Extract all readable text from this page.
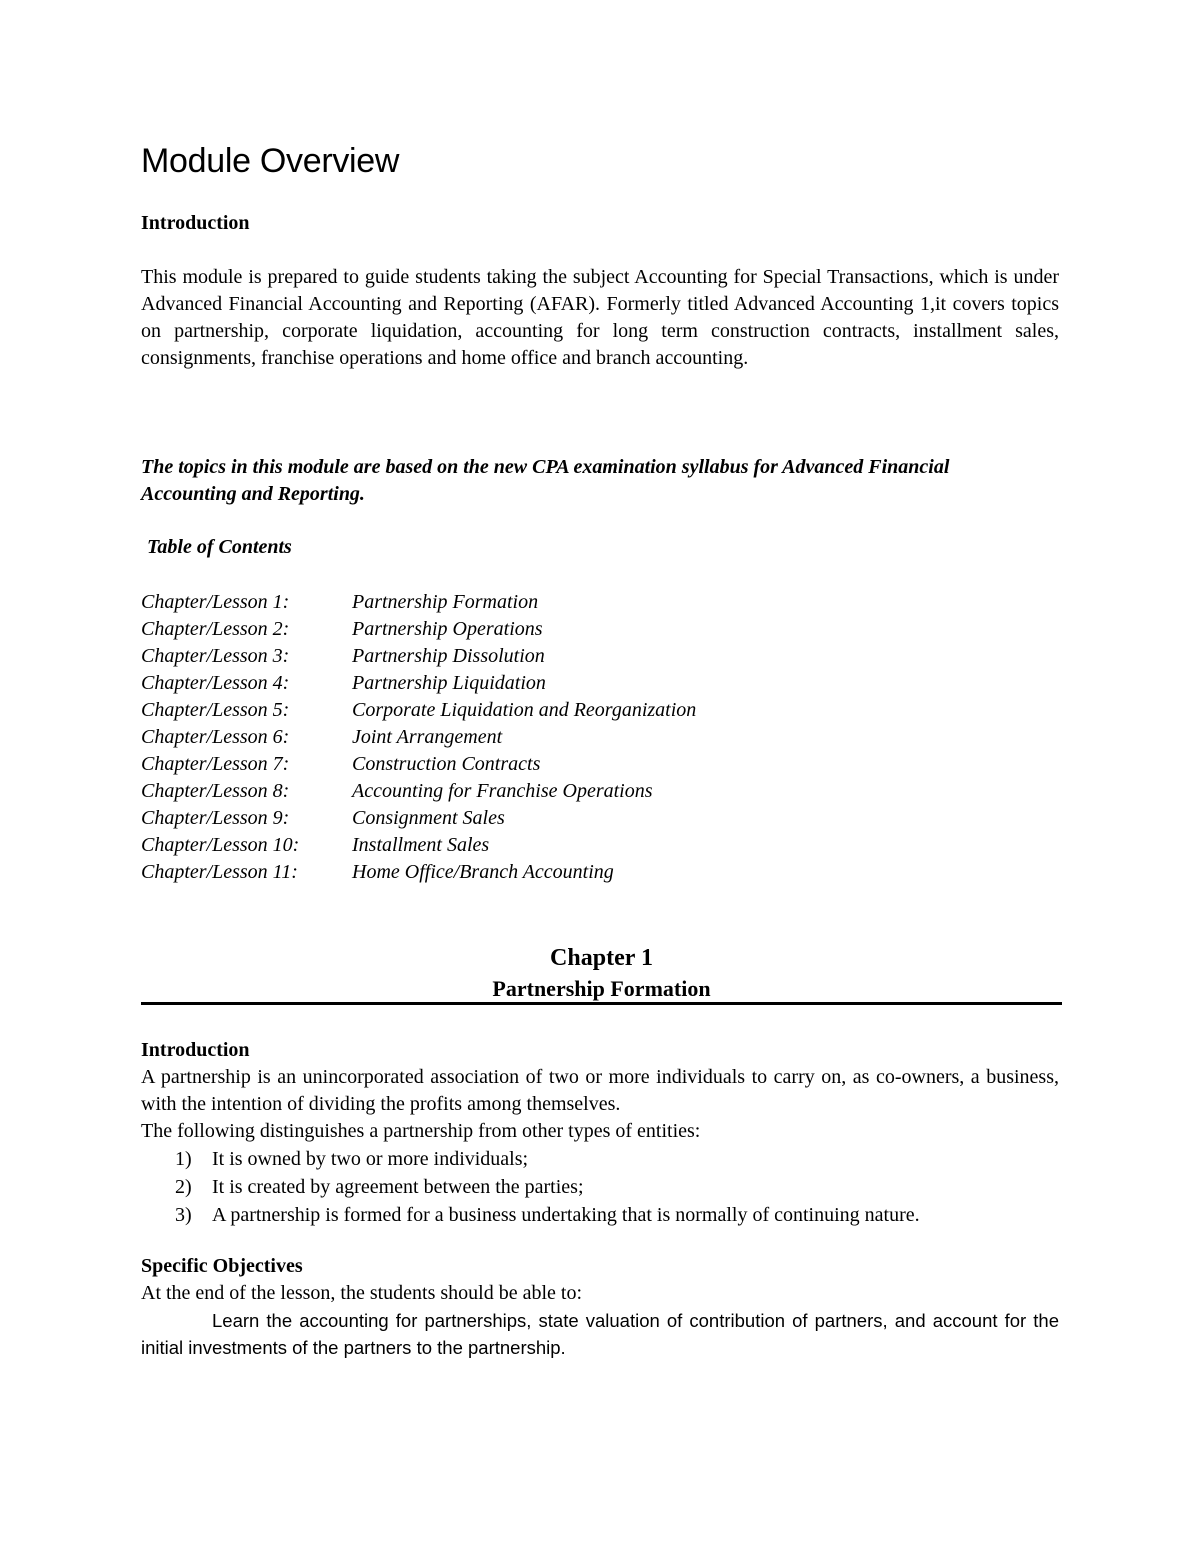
Module Overview
Introduction

This module is prepared to guide students taking the subject Accounting for Special Transactions, which is under Advanced Financial Accounting and Reporting (AFAR). Formerly titled Advanced Accounting 1,it covers topics on partnership, corporate liquidation, accounting for long term construction contracts, installment sales, consignments, franchise operations and home office and branch accounting.

The topics in this module are based on the new CPA examination syllabus for Advanced Financial Accounting and Reporting.

Table of Contents

Chapter/Lesson 1:	Partnership Formation
Chapter/Lesson 2:	Partnership Operations
Chapter/Lesson 3:	Partnership Dissolution
Chapter/Lesson 4:	Partnership Liquidation
Chapter/Lesson 5:	Corporate Liquidation and Reorganization
Chapter/Lesson 6:	Joint Arrangement
Chapter/Lesson 7:	Construction Contracts
Chapter/Lesson 8:	Accounting for Franchise Operations
Chapter/Lesson 9:	Consignment Sales
Chapter/Lesson 10:	Installment Sales
Chapter/Lesson 11:	Home Office/Branch Accounting

Chapter 1

Partnership Formation

Introduction

A partnership is an unincorporated association of two or more individuals to carry on, as co-owners, a business, with the intention of dividing the profits among themselves.

The following distinguishes a partnership from other types of entities:

1)	It is owned by two or more individuals;
2)	It is created by agreement between the parties;
3)	A partnership is formed for a business undertaking that is normally of continuing nature.
Specific Objectives

At the end of the lesson, the students should be able to:

Learn the accounting for partnerships, state valuation of contribution of partners, and account for the initial investments of the partners to the partnership.
